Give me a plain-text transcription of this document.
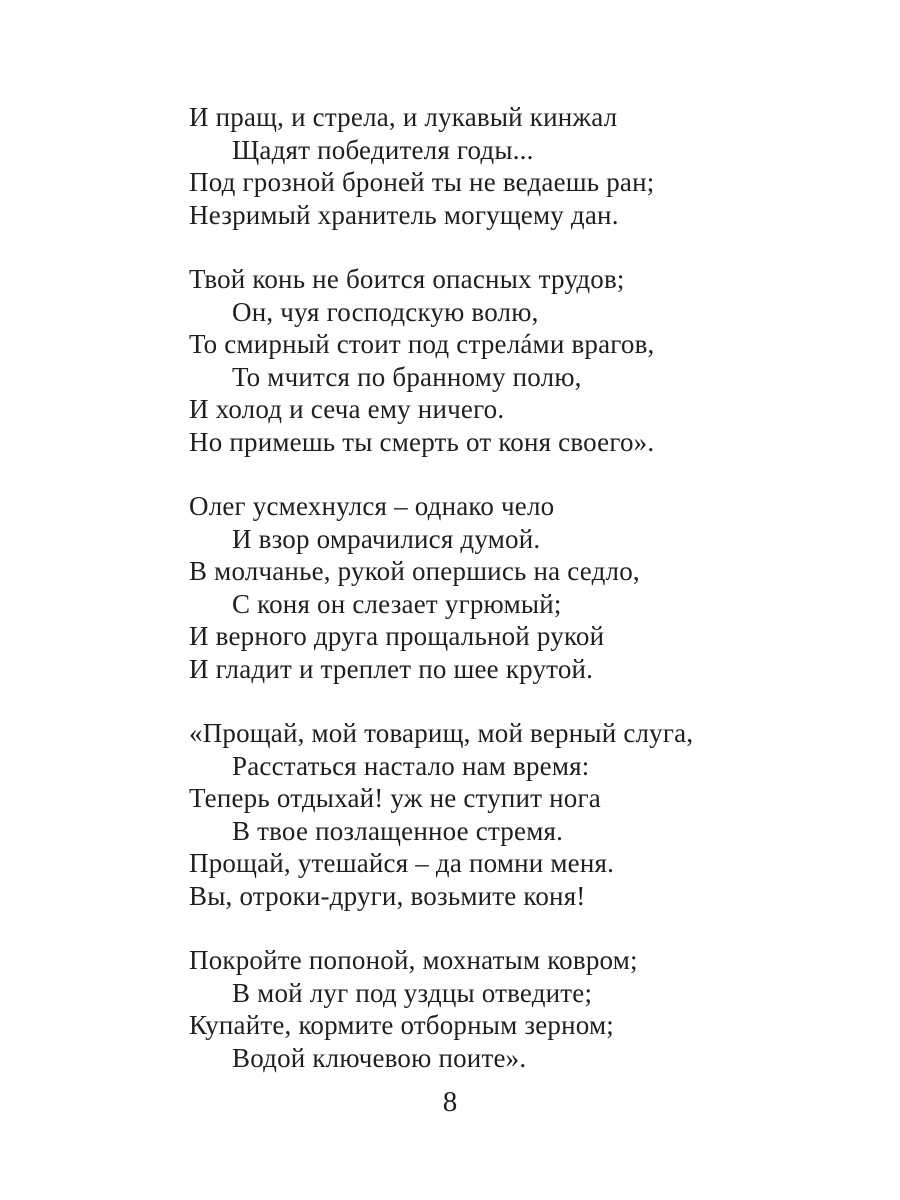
И пращ, и стрела, и лукавый кинжал
Щадят победителя годы...
Под грозной броней ты не ведаешь ран;
Незримый хранитель могущему дан.
Твой конь не боится опасных трудов;
Он, чуя господскую волю,
То смирный стоит под стрелáми врагов,
То мчится по бранному полю,
И холод и сеча ему ничего.
Но примешь ты смерть от коня своего».
Олег усмехнулся – однако чело
И взор омрачилися думой.
В молчанье, рукой опершись на седло,
С коня он слезает угрюмый;
И верного друга прощальной рукой
И гладит и треплет по шее крутой.
«Прощай, мой товарищ, мой верный слуга,
Расстаться настало нам время:
Теперь отдыхай! уж не ступит нога
В твое позлащенное стремя.
Прощай, утешайся – да помни меня.
Вы, отроки-други, возьмите коня!
Покройте попоной, мохнатым ковром;
В мой луг под уздцы отведите;
Купайте, кормите отборным зерном;
Водой ключевою поите».
8
